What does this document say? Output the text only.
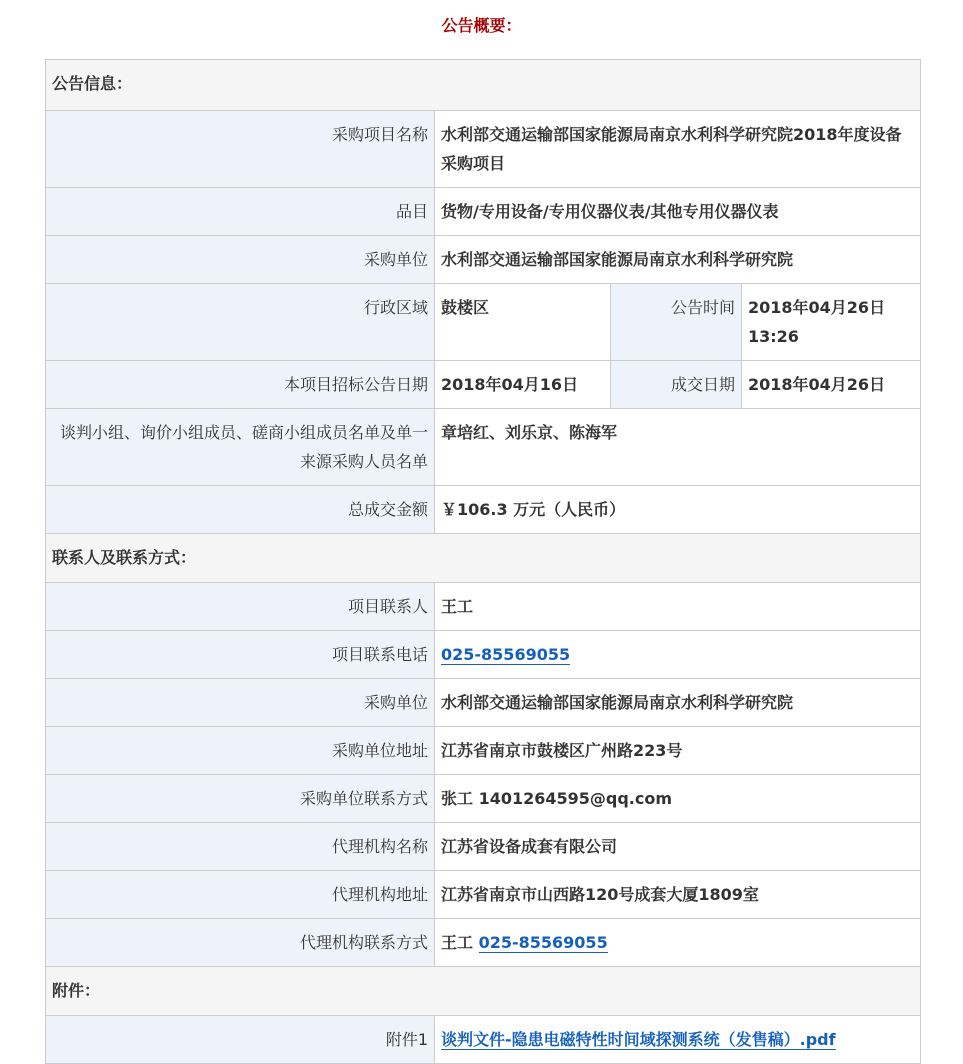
公告概要：
公告信息：			
采购项目名称	水利部交通运输部国家能源局南京水利科学研究院2018年度设备采购项目		
品目	货物/专用设备/专用仪器仪表/其他专用仪器仪表		
采购单位	水利部交通运输部国家能源局南京水利科学研究院		
行政区域	鼓楼区	公告时间	2018年04月26日 13:26
本项目招标公告日期	2018年04月16日	成交日期	2018年04月26日
谈判小组、询价小组成员、磋商小组成员名单及单一来源采购人员名单	章培红、刘乐京、陈海军		
总成交金额	￥106.3 万元（人民币）		
联系人及联系方式：			
项目联系人	王工		
项目联系电话	025-85569055		
采购单位	水利部交通运输部国家能源局南京水利科学研究院		
采购单位地址	江苏省南京市鼓楼区广州路223号		
采购单位联系方式	张工 1401264595@qq.com		
代理机构名称	江苏省设备成套有限公司		
代理机构地址	江苏省南京市山西路120号成套大厦1809室		
代理机构联系方式	王工 025-85569055		
附件：			
附件1	谈判文件-隐患电磁特性时间域探测系统（发售稿）.pdf		
